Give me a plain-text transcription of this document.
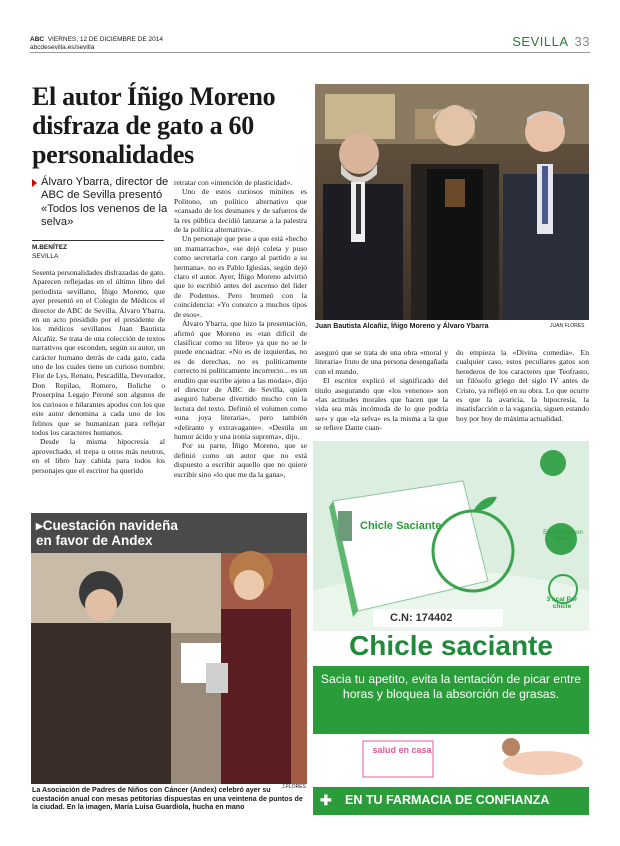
ABC VIERNES, 12 DE DICIEMBRE DE 2014
abcdesevilla.es/sevilla	SEVILLA 33
El autor Íñigo Moreno disfraza de gato a 60 personalidades
Álvaro Ybarra, director de ABC de Sevilla presentó «Todos los venenos de la selva»
M.BENÍTEZ
SEVILLA

Sesenta personalidades disfrazadas de gato. Aparecen reflejadas en el último libro del periodista sevillano, Íñigo Moreno, que ayer presentó en el Colegio de Médicos el director de ABC de Sevilla, Álvaro Ybarra, en un acto presidido por el presidente de los médicos sevillanos Juan Bautista Alcañiz. Se trata de una colección de textos narrativos que esconden, según su autor, un carácter humano detrás de cada gato, cada uno de los cuales tiene un curioso nombre. Flor de Lys, Renato, Pescadilla, Devorador, Don Repilao, Romero, Boliche o Proserpina Legajo Peroné son algunos de los curiosos e hilarantes apodos con los que este autor denomina a cada uno de los felinos que se humanizan para reflejar todos los caracteres humanos.

Desde la misma hipocresía al aprovechado, el trepa u otros más neutros, en el libro hay cabida para todos los personajes que el escritor ha querido

retratar con «intención de plasticidad».

Uno de estos curiosos mininos es Politono, un político alternativo que «cansado de los desmanes y de safueros de la res pública decidió lanzarse a la palestra de la política alternativa».

Un personaje que pese a que está «hecho un mamarracho», «se dejó coleta y puso como secretaria con cargo al partido a su hermana». no es Pablo Iglesias, según dejó claro el autor. Ayer, Íñigo Moreno advirtió que lo escribió antes del ascenso del líder de Podemos. Pero bromeó con la coincidencia: «Yo conozco a muchos tipos de esos».

Álvaro Ybarra, que hizo la presentación, afirmó que Moreno es «tan difícil de clasificar como su libro» ya que no se le puede encuadrar. «No es de izquierdas, no es de derechas, no es políticamente correcto ni políticamente incorrecto... es un erudito que escribe ajeno a las modas», dijo el director de ABC de Sevilla, quien aseguró haberse divertido mucho con la lectura del texto. Definió el volumen como «una joya literaria», pero también «delirante y extravagante». «Destila un humor ácido y una ironía suprema», dijo.

Por su parte, Íñigo Moreno, que se definió como un autor que no está dispuesto a escribir aquello que no quiere escribir sino «lo que me da la gana»,

Juan Bautista Alcañiz, Íñigo Moreno y Álvaro Ybarra	JUAN FLORES

aseguró que se trata de una obra «moral y literaria» fruto de una persona desengañada con el mundo.

El escritor explicó el significado del título asegurando que «los venenos» son «las actitudes morales que hacen que la vida sea más incómoda de lo que podría ser» y que «la selva» es la misma a la que se refiere Dante cuan-

do empieza la «Divina comedia». En cualquier caso, estos peculiares gatos son herederos de los caracteres que Teofrasto, un filósofo griego del siglo IV antes de Cristo, ya reflejó en su obra. Lo que ocurre es que la avaricia, la hipocresía, la insatisfacción o la vagancia, siguen estando hoy por hoy de máxima actualidad.

▸Cuestación navideña en favor de Andex
J.FLORES
La Asociación de Padres de Niños con Cáncer (Andex) celebró ayer su cuestación anual con mesas petitorias dispuestas en una veintena de puntos de la ciudad. En la imagen, María Luisa Guardiola, hucha en mano
Chicle Saciante
C.N: 174402
Endulzado con Stevia
3 kcal Por chicle
Chicle saciante
Sacia tu apetito, evita la tentación de picar entre horas y bloquea la absorción de grasas.
salud en casa
✚ EN TU FARMACIA DE CONFIANZA
